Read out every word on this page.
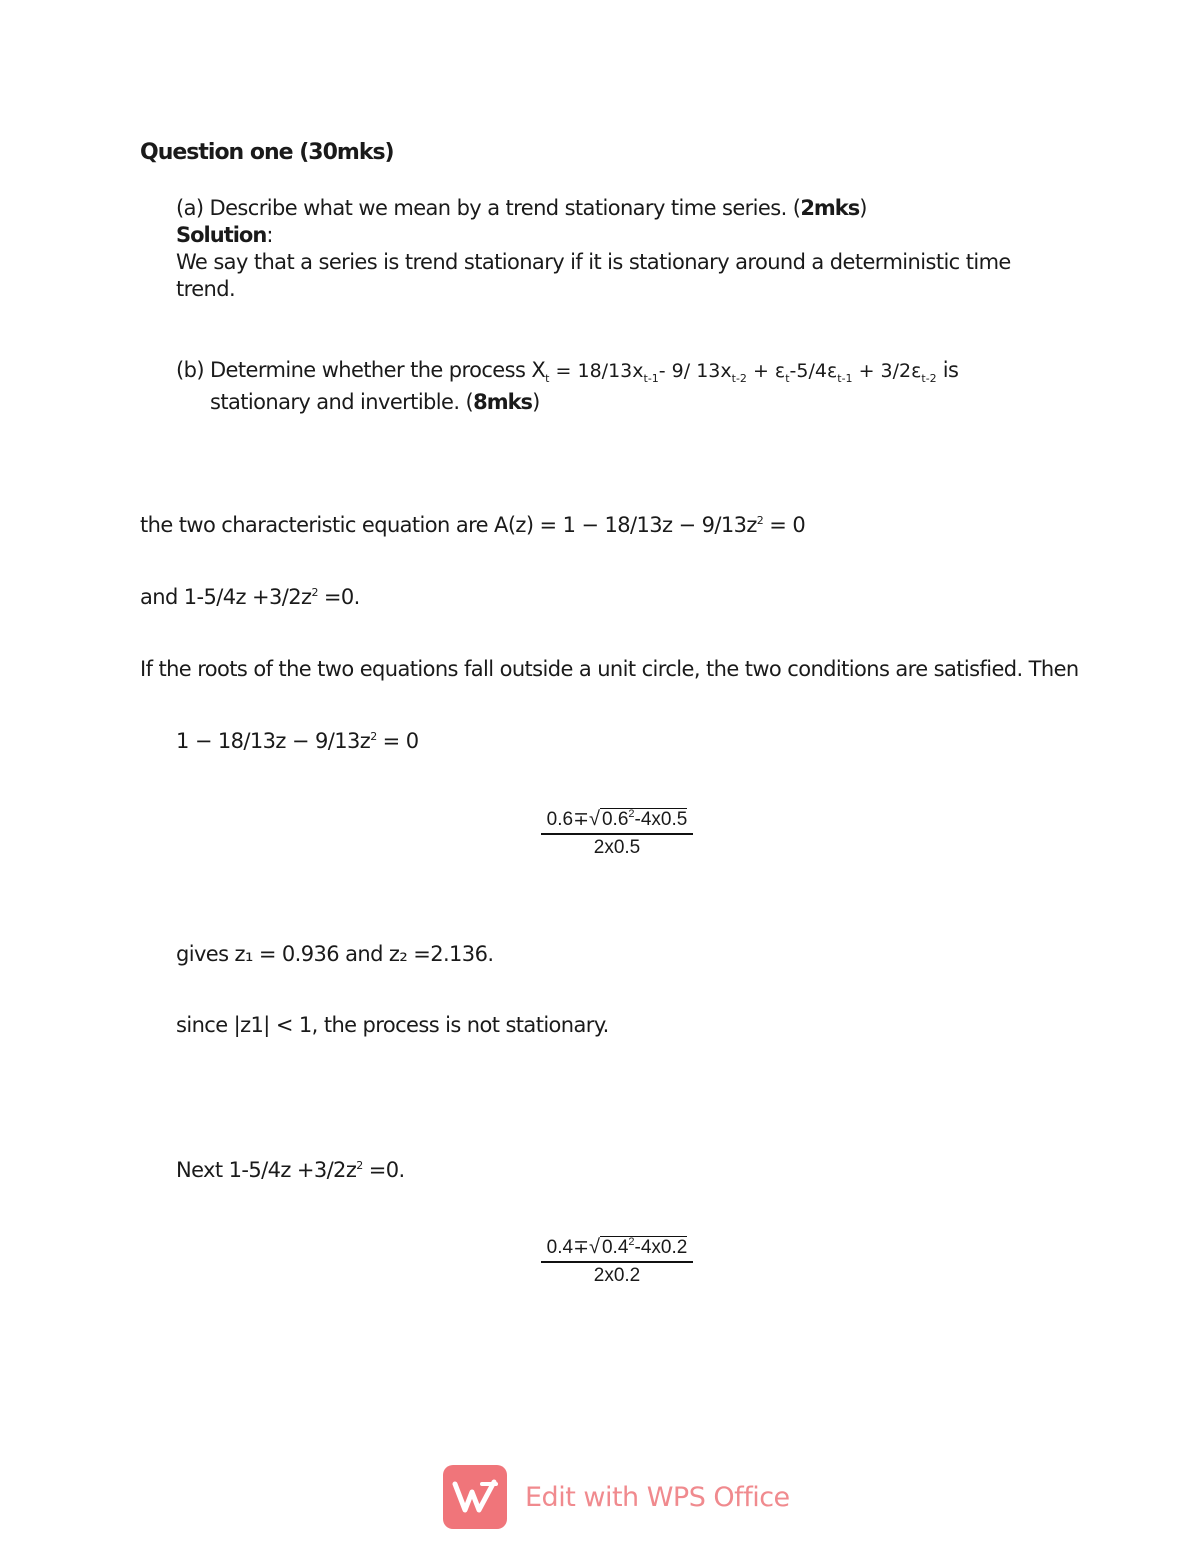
Question one (30mks)
(a) Describe what we mean by a trend stationary time series. (2mks)
Solution:
We say that a series is trend stationary if it is stationary around a deterministic time
trend.
(b) Determine whether the process $X_t = 18/13x_{t-1}-$ 9/ $13x_{t-2} + \varepsilon_t-5/4\varepsilon_{t-1} + 3/2\varepsilon_{t-2}$ is
stationary and invertible. (8mks)
the two characteristic equation are $A(z) = 1 - 18/13z - 9/13z^2 = 0$
and $1-5/4z +3/2z^2 =0$.
If the roots of the two equations fall outside a unit circle, the two conditions are satisfied. Then
$1 - 18/13z - 9/13z^2 = 0$
$\frac{0.6\mp√ 0.6^2-4x0.5}{2x0.5}$
gives z₁ = 0.936 and z₂ =2.136.
since |z1| < 1, the process is not stationary.
Next $1-5/4z +3/2z^2 =0$.
$\frac{0.4\mp√ 0.4^2-4x0.2}{2x0.2}$
Edit with WPS Office
